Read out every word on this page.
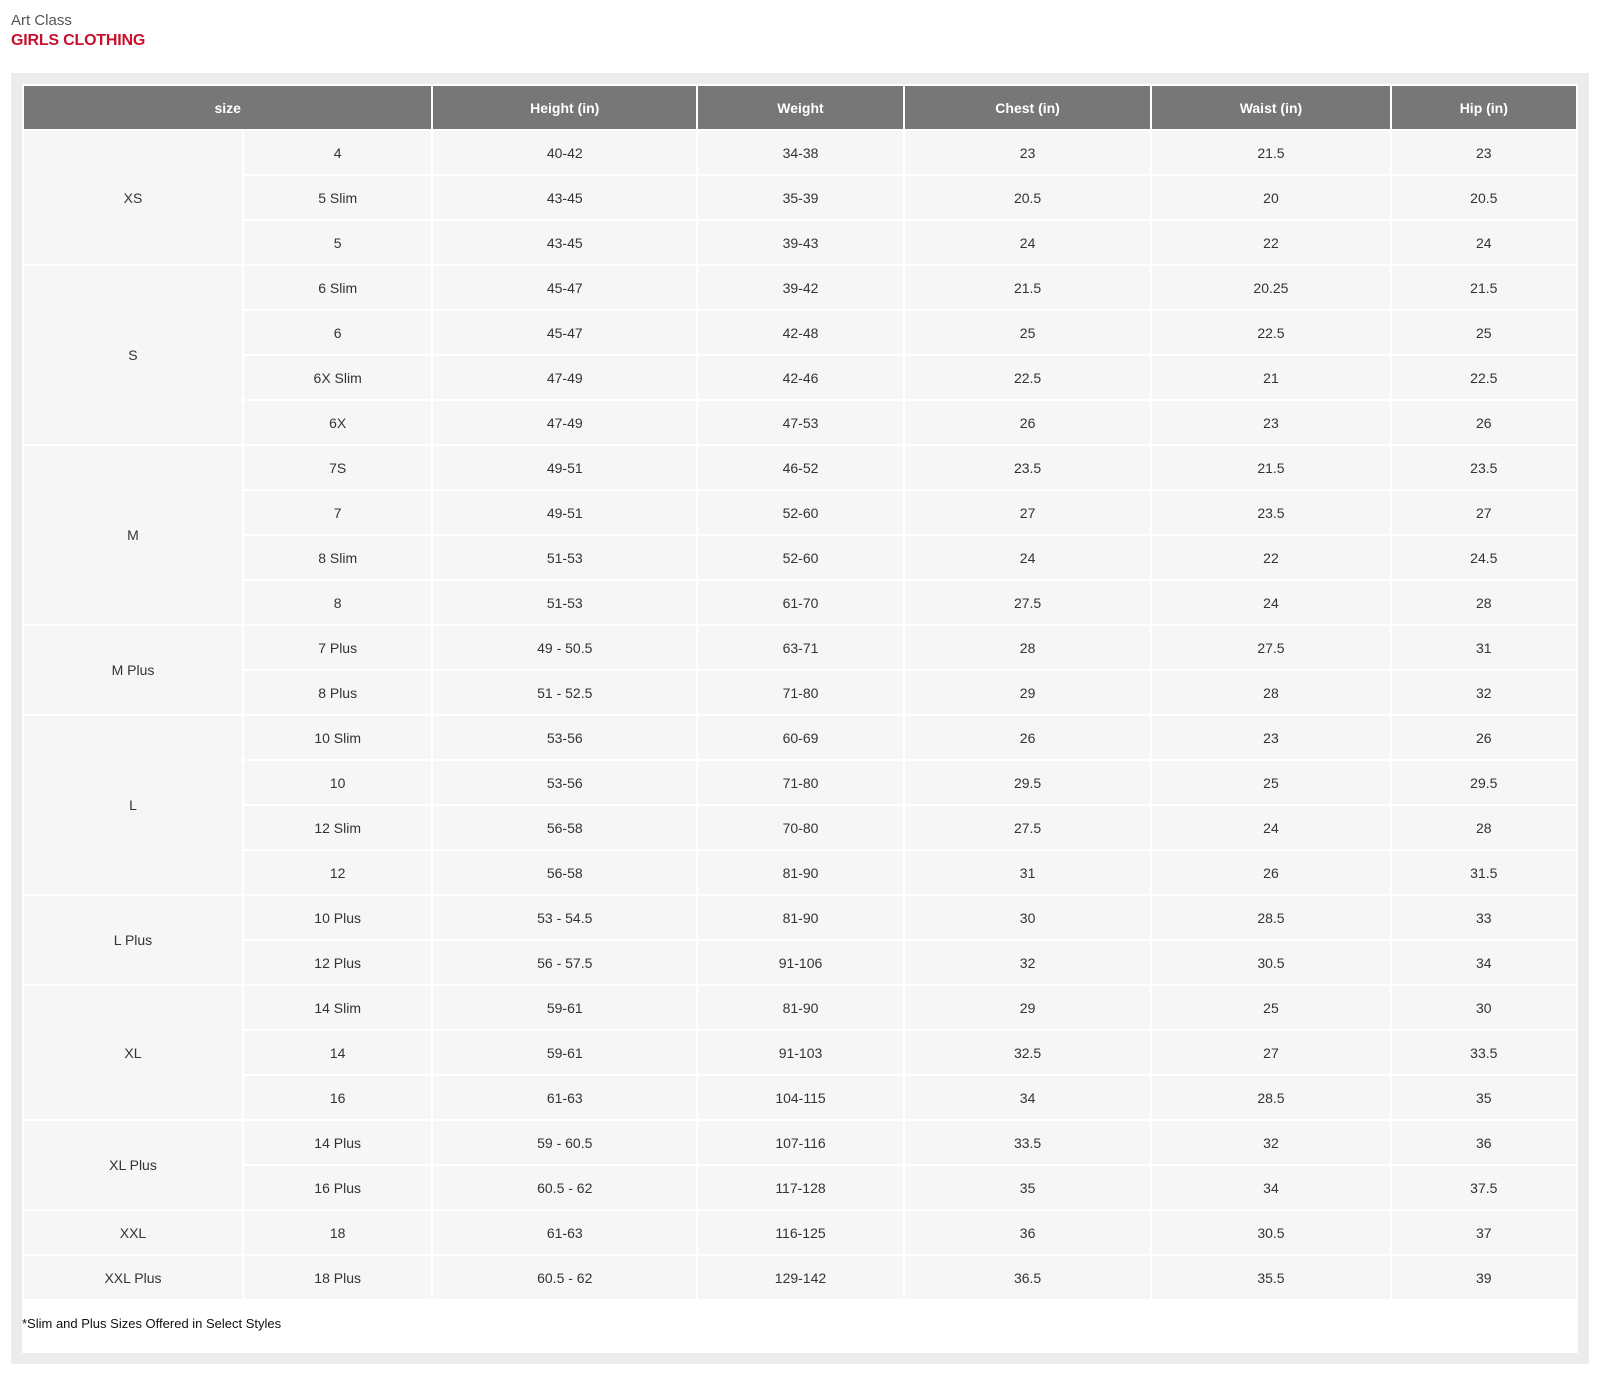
Art Class
GIRLS CLOTHING
size		Height (in)	Weight	Chest (in)	Waist (in)	Hip (in)
XS	4	40-42	34-38	23	21.5	23
	5 Slim	43-45	35-39	20.5	20	20.5
	5	43-45	39-43	24	22	24
S	6 Slim	45-47	39-42	21.5	20.25	21.5
	6	45-47	42-48	25	22.5	25
	6X Slim	47-49	42-46	22.5	21	22.5
	6X	47-49	47-53	26	23	26
M	7S	49-51	46-52	23.5	21.5	23.5
	7	49-51	52-60	27	23.5	27
	8 Slim	51-53	52-60	24	22	24.5
	8	51-53	61-70	27.5	24	28
M Plus	7 Plus	49 - 50.5	63-71	28	27.5	31
	8 Plus	51 - 52.5	71-80	29	28	32
L	10 Slim	53-56	60-69	26	23	26
	10	53-56	71-80	29.5	25	29.5
	12 Slim	56-58	70-80	27.5	24	28
	12	56-58	81-90	31	26	31.5
L Plus	10 Plus	53 - 54.5	81-90	30	28.5	33
	12 Plus	56 - 57.5	91-106	32	30.5	34
XL	14 Slim	59-61	81-90	29	25	30
	14	59-61	91-103	32.5	27	33.5
	16	61-63	104-115	34	28.5	35
XL Plus	14 Plus	59 - 60.5	107-116	33.5	32	36
	16 Plus	60.5 - 62	117-128	35	34	37.5
XXL	18	61-63	116-125	36	30.5	37
XXL Plus	18 Plus	60.5 - 62	129-142	36.5	35.5	39
*Slim and Plus Sizes Offered in Select Styles
